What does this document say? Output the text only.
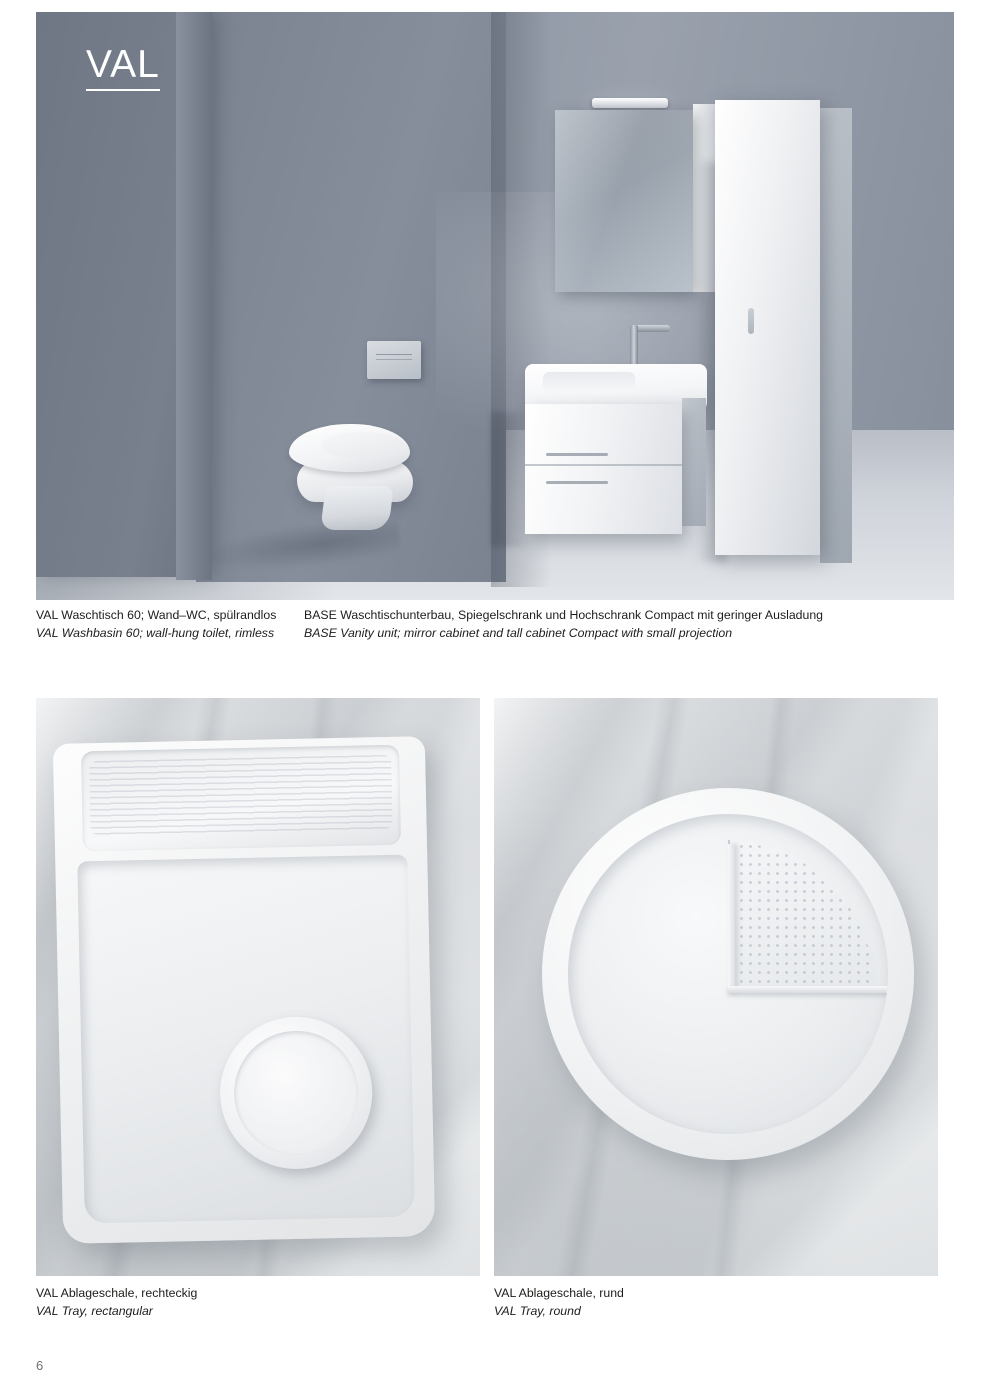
VAL
VAL Waschtisch 60; Wand–WC, spülrandlos
VAL Washbasin 60; wall-hung toilet, rimless
BASE Waschtischunterbau, Spiegelschrank und Hochschrank Compact mit geringer Ausladung
BASE Vanity unit; mirror cabinet and tall cabinet Compact with small projection
VAL Ablageschale, rechteckig
VAL Tray, rectangular
VAL Ablageschale, rund
VAL Tray, round
6
